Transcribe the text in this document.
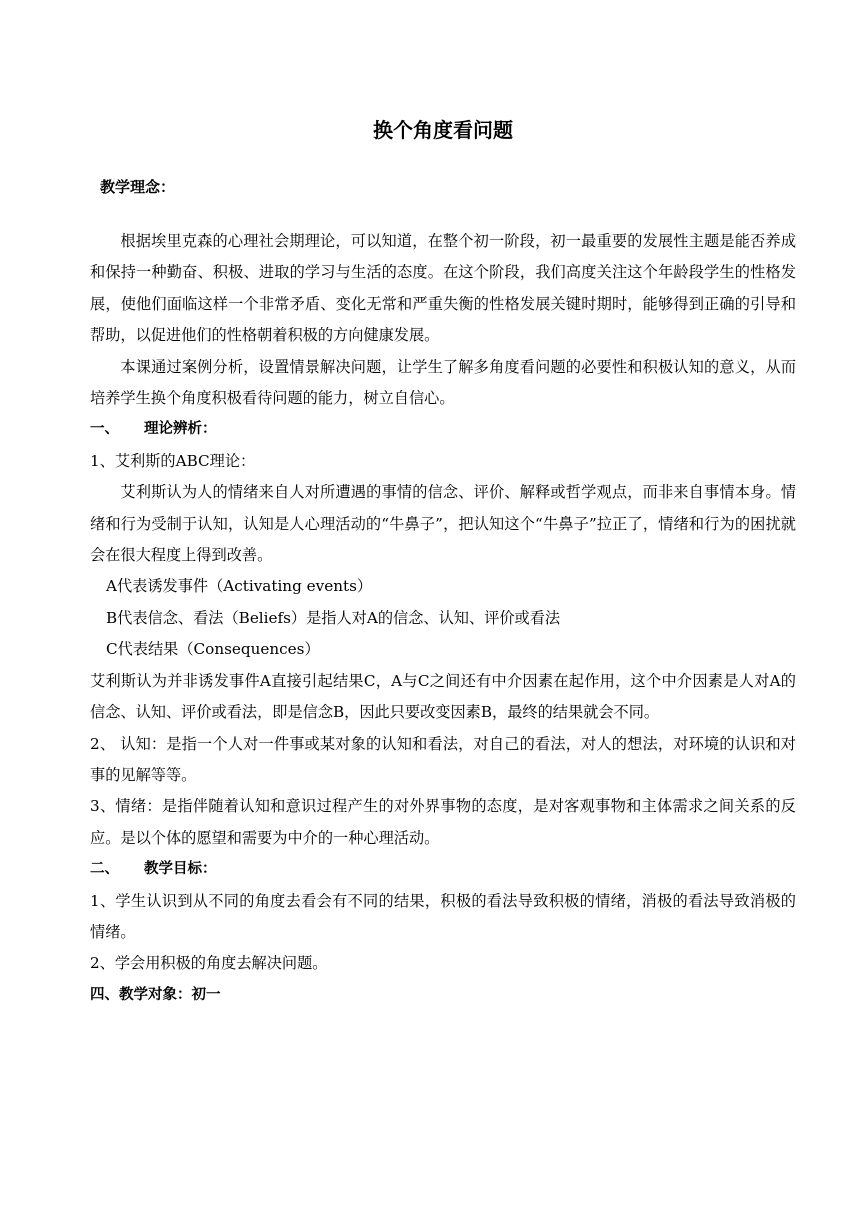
换个角度看问题
教学理念：

根据埃里克森的心理社会期理论，可以知道，在整个初一阶段，初一最重要的发展性主题是能否养成和保持一种勤奋、积极、进取的学习与生活的态度。在这个阶段，我们高度关注这个年龄段学生的性格发展，使他们面临这样一个非常矛盾、变化无常和严重失衡的性格发展关键时期时，能够得到正确的引导和帮助，以促进他们的性格朝着积极的方向健康发展。

本课通过案例分析，设置情景解决问题，让学生了解多角度看问题的必要性和积极认知的意义，从而培养学生换个角度积极看待问题的能力，树立自信心。

一、 理论辨析：

1、艾利斯的ABC理论：

艾利斯认为人的情绪来自人对所遭遇的事情的信念、评价、解释或哲学观点，而非来自事情本身。情绪和行为受制于认知，认知是人心理活动的“牛鼻子”，把认知这个“牛鼻子”拉正了，情绪和行为的困扰就会在很大程度上得到改善。

A代表诱发事件（Activating events）

B代表信念、看法（Beliefs）是指人对A的信念、认知、评价或看法

C代表结果（Consequences）

艾利斯认为并非诱发事件A直接引起结果C，A与C之间还有中介因素在起作用，这个中介因素是人对A的信念、认知、评价或看法，即是信念B，因此只要改变因素B，最终的结果就会不同。

2、 认知：是指一个人对一件事或某对象的认知和看法，对自己的看法，对人的想法，对环境的认识和对事的见解等等。

3、情绪：是指伴随着认知和意识过程产生的对外界事物的态度，是对客观事物和主体需求之间关系的反应。是以个体的愿望和需要为中介的一种心理活动。

二、 教学目标：

1、学生认识到从不同的角度去看会有不同的结果，积极的看法导致积极的情绪，消极的看法导致消极的情绪。

2、学会用积极的角度去解决问题。

四、教学对象：初一
